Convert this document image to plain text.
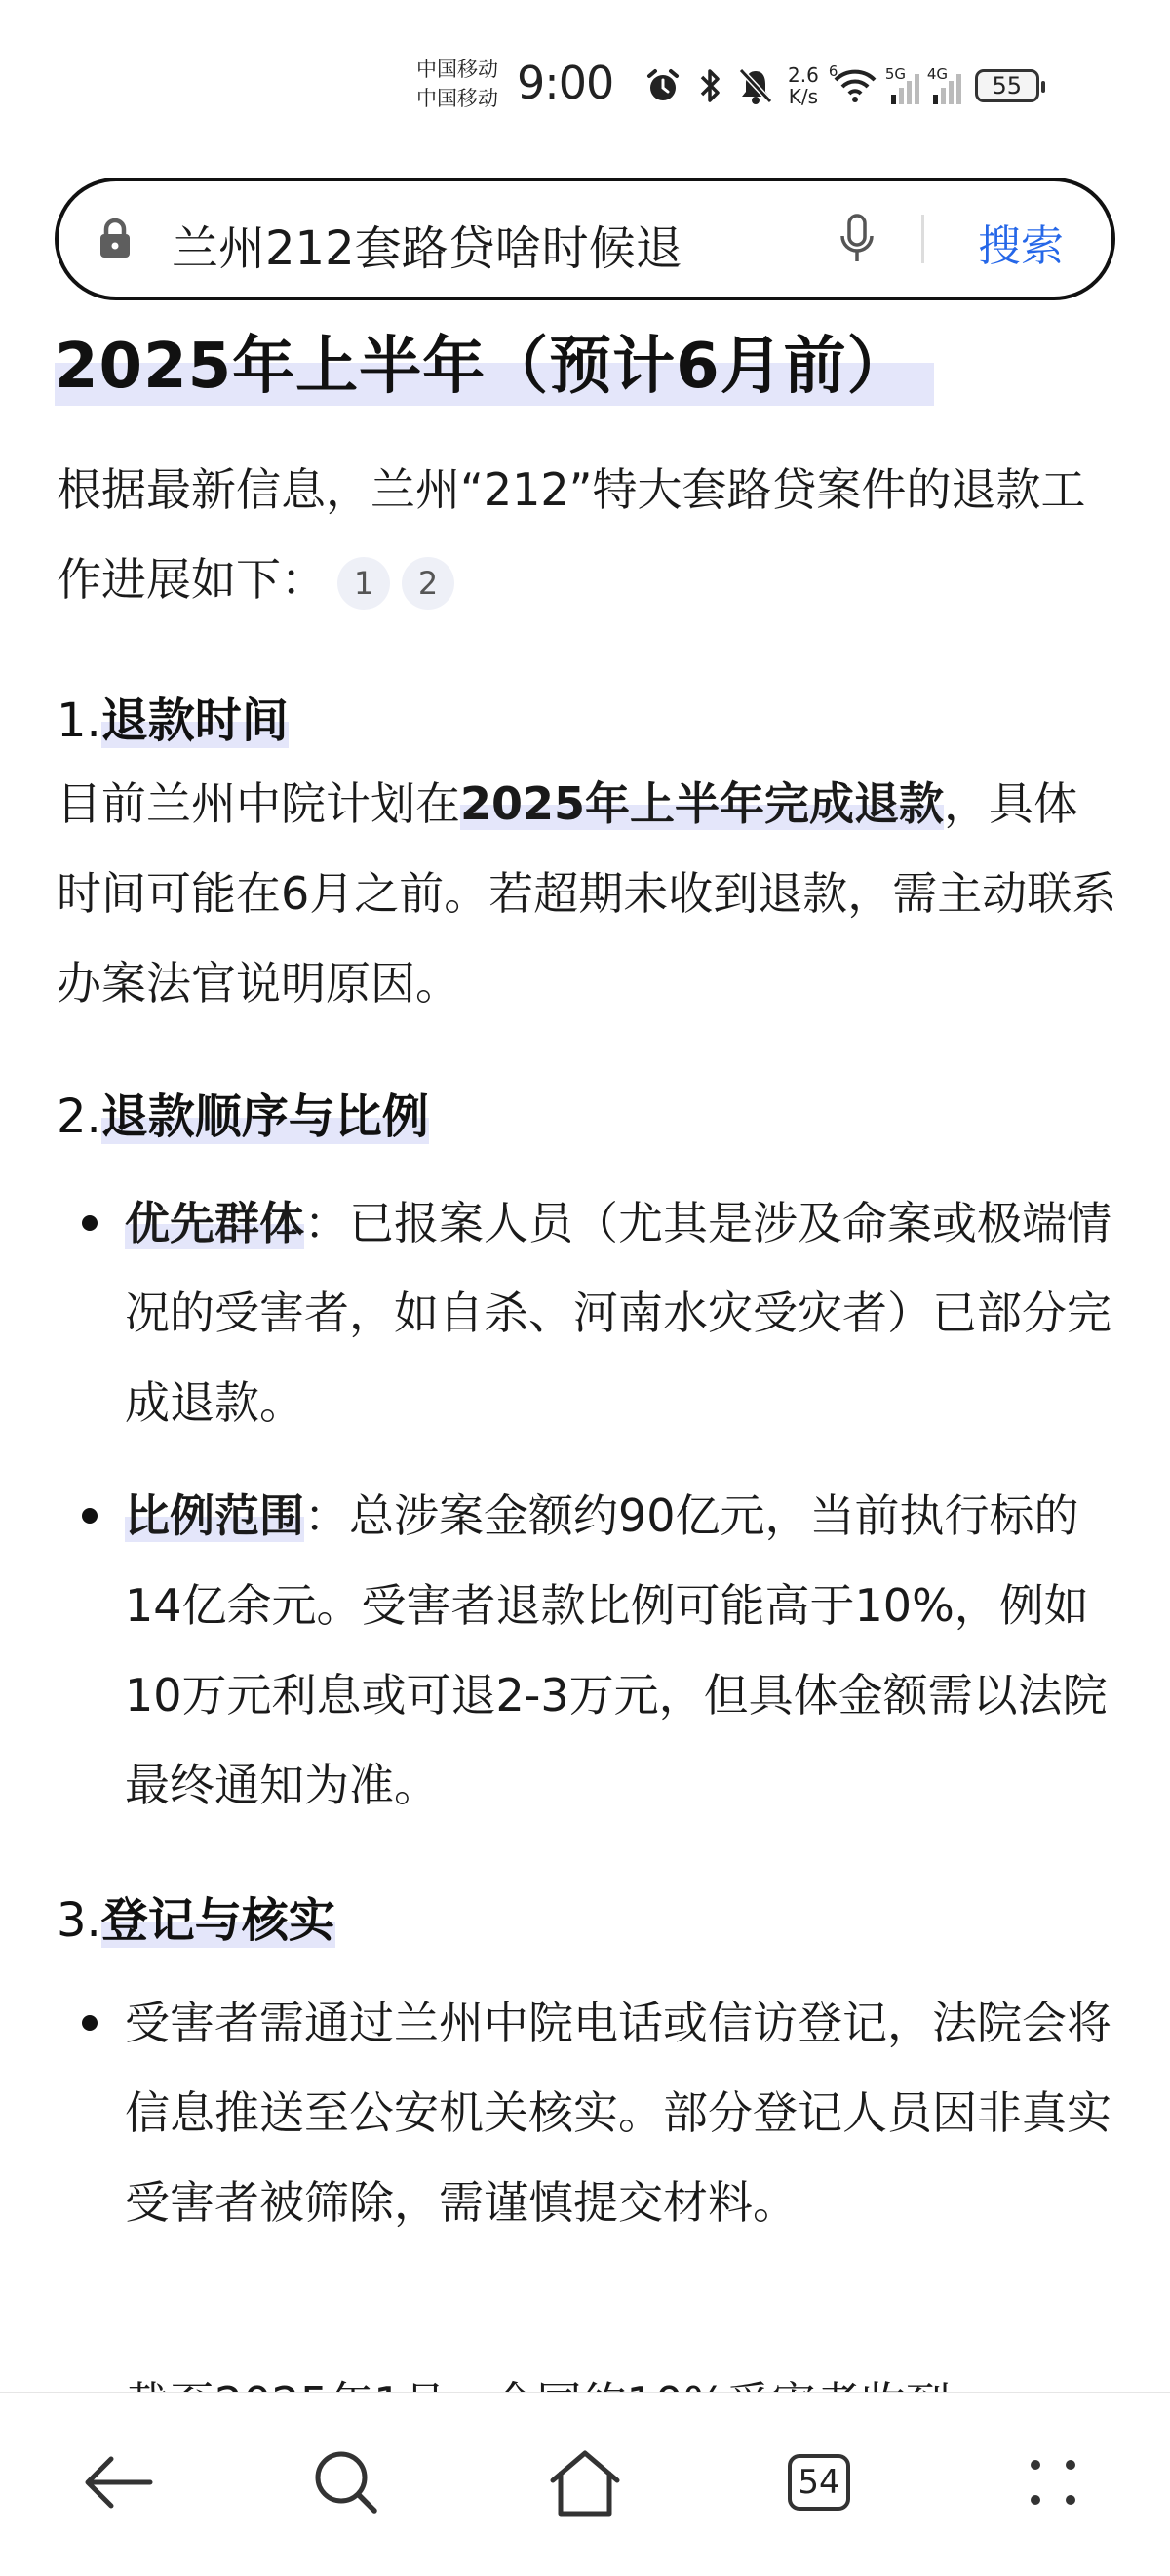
中国移动
中国移动 9:00	2.6
K/s
6	5G 4G 55
兰州212套路贷啥时候退	搜索
2025年上半年（预计6月前）
根据最新信息，兰州“212”特大套路贷案件的退款工作进展如下： 1 2
1.退款时间
目前兰州中院计划在2025年上半年完成退款，具体时间可能在6月之前。若超期未收到退款，需主动联系办案法官说明原因。
2.退款顺序与比例
优先群体：已报案人员（尤其是涉及命案或极端情况的受害者，如自杀、河南水灾受灾者）已部分完成退款。
比例范围：总涉案金额约90亿元，当前执行标的14亿余元。受害者退款比例可能高于10%，例如10万元利息或可退2-3万元，但具体金额需以法院最终通知为准。
3.登记与核实
受害者需通过兰州中院电话或信访登记，法院会将信息推送至公安机关核实。部分登记人员因非真实受害者被筛除，需谨慎提交材料。
54
